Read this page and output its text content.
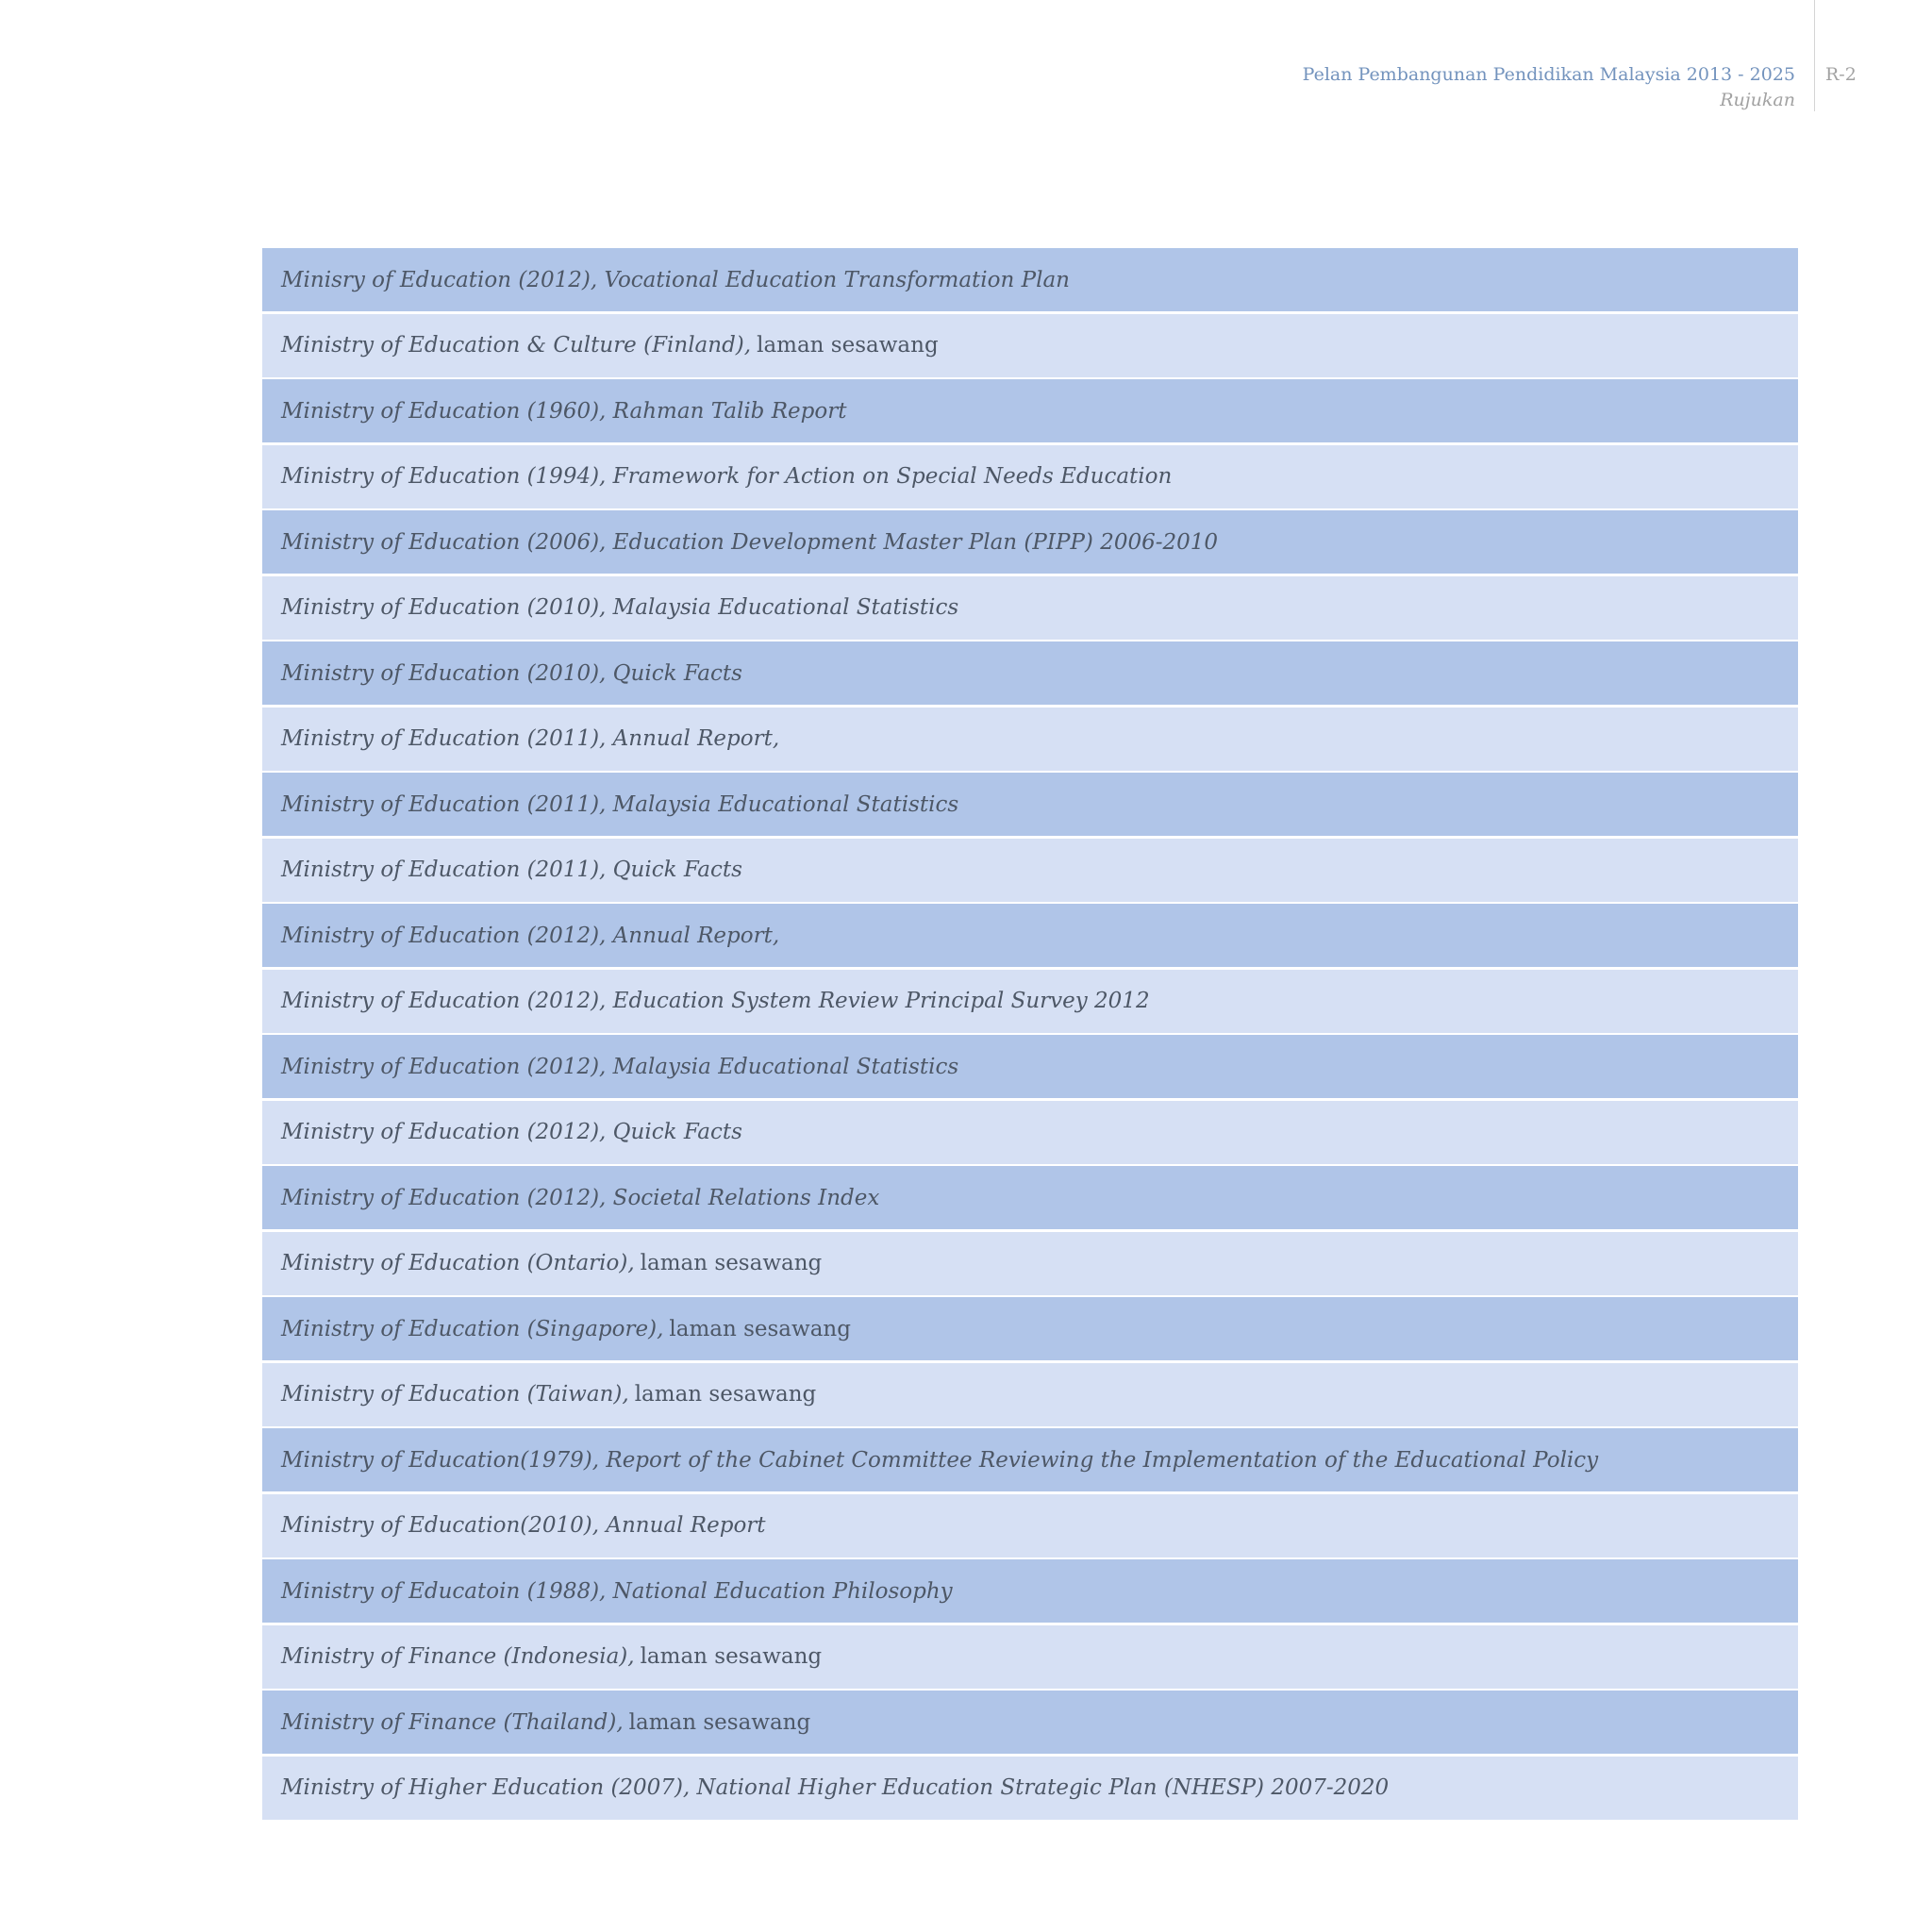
Pelan Pembangunan Pendidikan Malaysia 2013 - 2025
Rujukan
R-2
Minisry of Education (2012), Vocational Education Transformation Plan
Ministry of Education & Culture (Finland), laman sesawang
Ministry of Education (1960), Rahman Talib Report
Ministry of Education (1994), Framework for Action on Special Needs Education
Ministry of Education (2006), Education Development Master Plan (PIPP) 2006-2010
Ministry of Education (2010), Malaysia Educational Statistics
Ministry of Education (2010), Quick Facts
Ministry of Education (2011), Annual Report,
Ministry of Education (2011), Malaysia Educational Statistics
Ministry of Education (2011), Quick Facts
Ministry of Education (2012), Annual Report,
Ministry of Education (2012), Education System Review Principal Survey 2012
Ministry of Education (2012), Malaysia Educational Statistics
Ministry of Education (2012), Quick Facts
Ministry of Education (2012), Societal Relations Index
Ministry of Education (Ontario), laman sesawang
Ministry of Education (Singapore), laman sesawang
Ministry of Education (Taiwan), laman sesawang
Ministry of Education(1979), Report of the Cabinet Committee Reviewing the Implementation of the Educational Policy
Ministry of Education(2010), Annual Report
Ministry of Educatoin (1988), National Education Philosophy
Ministry of Finance (Indonesia), laman sesawang
Ministry of Finance (Thailand), laman sesawang
Ministry of Higher Education (2007), National Higher Education Strategic Plan (NHESP) 2007-2020
